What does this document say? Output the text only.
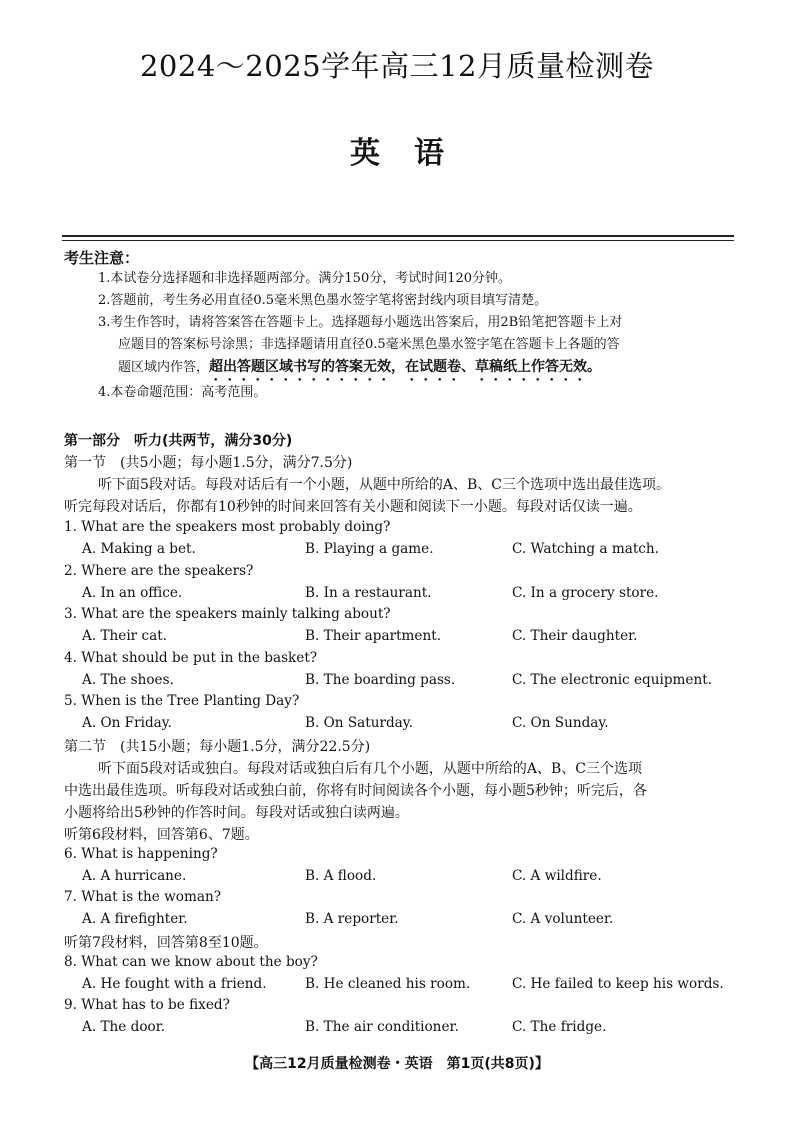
2024～2025学年高三12月质量检测卷
英语
考生注意：
1.本试卷分选择题和非选择题两部分。满分150分，考试时间120分钟。
2.答题前，考生务必用直径0.5毫米黑色墨水签字笔将密封线内项目填写清楚。
3.考生作答时，请将答案答在答题卡上。选择题每小题选出答案后，用2B铅笔把答题卡上对
应题目的答案标号涂黑；非选择题请用直径0.5毫米黑色墨水签字笔在答题卡上各题的答
题区域内作答，超出答题区域书写的答案无效，在试题卷、草稿纸上作答无效。
4.本卷命题范围：高考范围。
第一部分　听力(共两节，满分30分)
第一节　(共5小题；每小题1.5分，满分7.5分)
听下面5段对话。每段对话后有一个小题，从题中所给的A、B、C三个选项中选出最佳选项。
听完每段对话后，你都有10秒钟的时间来回答有关小题和阅读下一小题。每段对话仅读一遍。
1. What are the speakers most probably doing?
A. Making a bet.	B. Playing a game.	C. Watching a match.
2. Where are the speakers?
A. In an office.	B. In a restaurant.	C. In a grocery store.
3. What are the speakers mainly talking about?
A. Their cat.	B. Their apartment.	C. Their daughter.
4. What should be put in the basket?
A. The shoes.	B. The boarding pass.	C. The electronic equipment.
5. When is the Tree Planting Day?
A. On Friday.	B. On Saturday.	C. On Sunday.
第二节　(共15小题；每小题1.5分，满分22.5分)
听下面5段对话或独白。每段对话或独白后有几个小题，从题中所给的A、B、C三个选项
中选出最佳选项。听每段对话或独白前，你将有时间阅读各个小题，每小题5秒钟；听完后，各
小题将给出5秒钟的作答时间。每段对话或独白读两遍。
听第6段材料，回答第6、7题。
6. What is happening?
A. A hurricane.	B. A flood.	C. A wildfire.
7. What is the woman?
A. A firefighter.	B. A reporter.	C. A volunteer.
听第7段材料，回答第8至10题。
8. What can we know about the boy?
A. He fought with a friend.	B. He cleaned his room.	C. He failed to keep his words.
9. What has to be fixed?
A. The door.	B. The air conditioner.	C. The fridge.
【高三12月质量检测卷・英语　第1页(共8页)】
